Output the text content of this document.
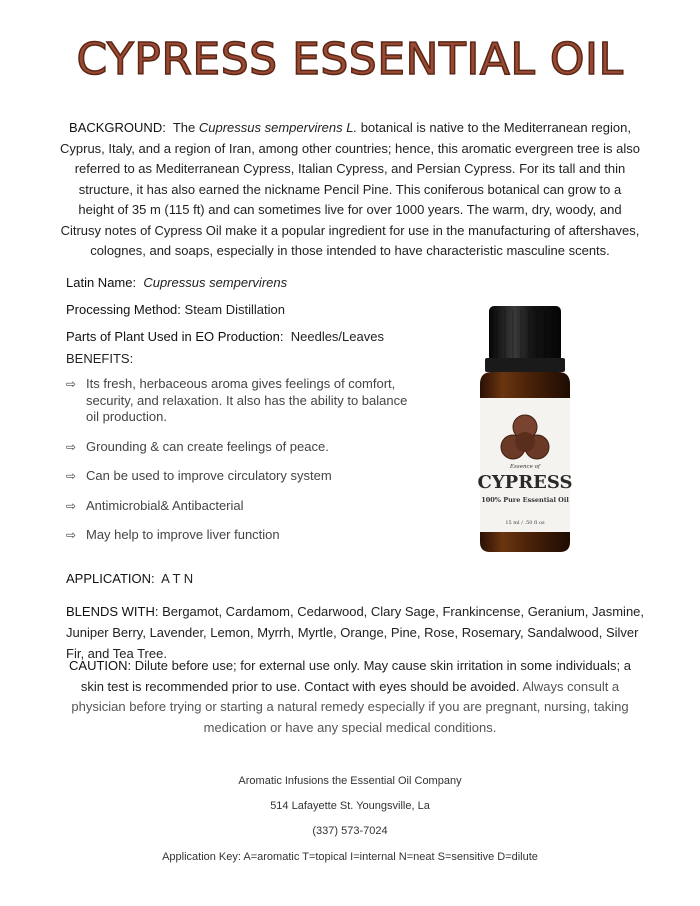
CYPRESS ESSENTIAL OIL
BACKGROUND: The Cupressus sempervirens L. botanical is native to the Mediterranean region, Cyprus, Italy, and a region of Iran, among other countries; hence, this aromatic evergreen tree is also referred to as Mediterranean Cypress, Italian Cypress, and Persian Cypress. For its tall and thin structure, it has also earned the nickname Pencil Pine. This coniferous botanical can grow to a height of 35 m (115 ft) and can sometimes live for over 1000 years. The warm, dry, woody, and Citrusy notes of Cypress Oil make it a popular ingredient for use in the manufacturing of aftershaves, colognes, and soaps, especially in those intended to have characteristic masculine scents.
Latin Name: Cupressus sempervirens
Processing Method: Steam Distillation
Parts of Plant Used in EO Production: Needles/Leaves
BENEFITS:
⇨ Its fresh, herbaceous aroma gives feelings of comfort, security, and relaxation. It also has the ability to balance oil production.
⇨ Grounding & can create feelings of peace.
⇨ Can be used to improve circulatory system
⇨ Antimicrobial& Antibacterial
⇨ May help to improve liver function
Essence of
CYPRESS
100% Pure Essential Oil
15 ml / .50 fl oz
APPLICATION: A T N
BLENDS WITH: Bergamot, Cardamom, Cedarwood, Clary Sage, Frankincense, Geranium, Jasmine, Juniper Berry, Lavender, Lemon, Myrrh, Myrtle, Orange, Pine, Rose, Rosemary, Sandalwood, Silver Fir, and Tea Tree.
CAUTION: Dilute before use; for external use only. May cause skin irritation in some individuals; a skin test is recommended prior to use. Contact with eyes should be avoided. Always consult a physician before trying or starting a natural remedy especially if you are pregnant, nursing, taking medication or have any special medical conditions.
Aromatic Infusions the Essential Oil Company
514 Lafayette St. Youngsville, La
(337) 573-7024
Application Key: A=aromatic T=topical I=internal N=neat S=sensitive D=dilute
